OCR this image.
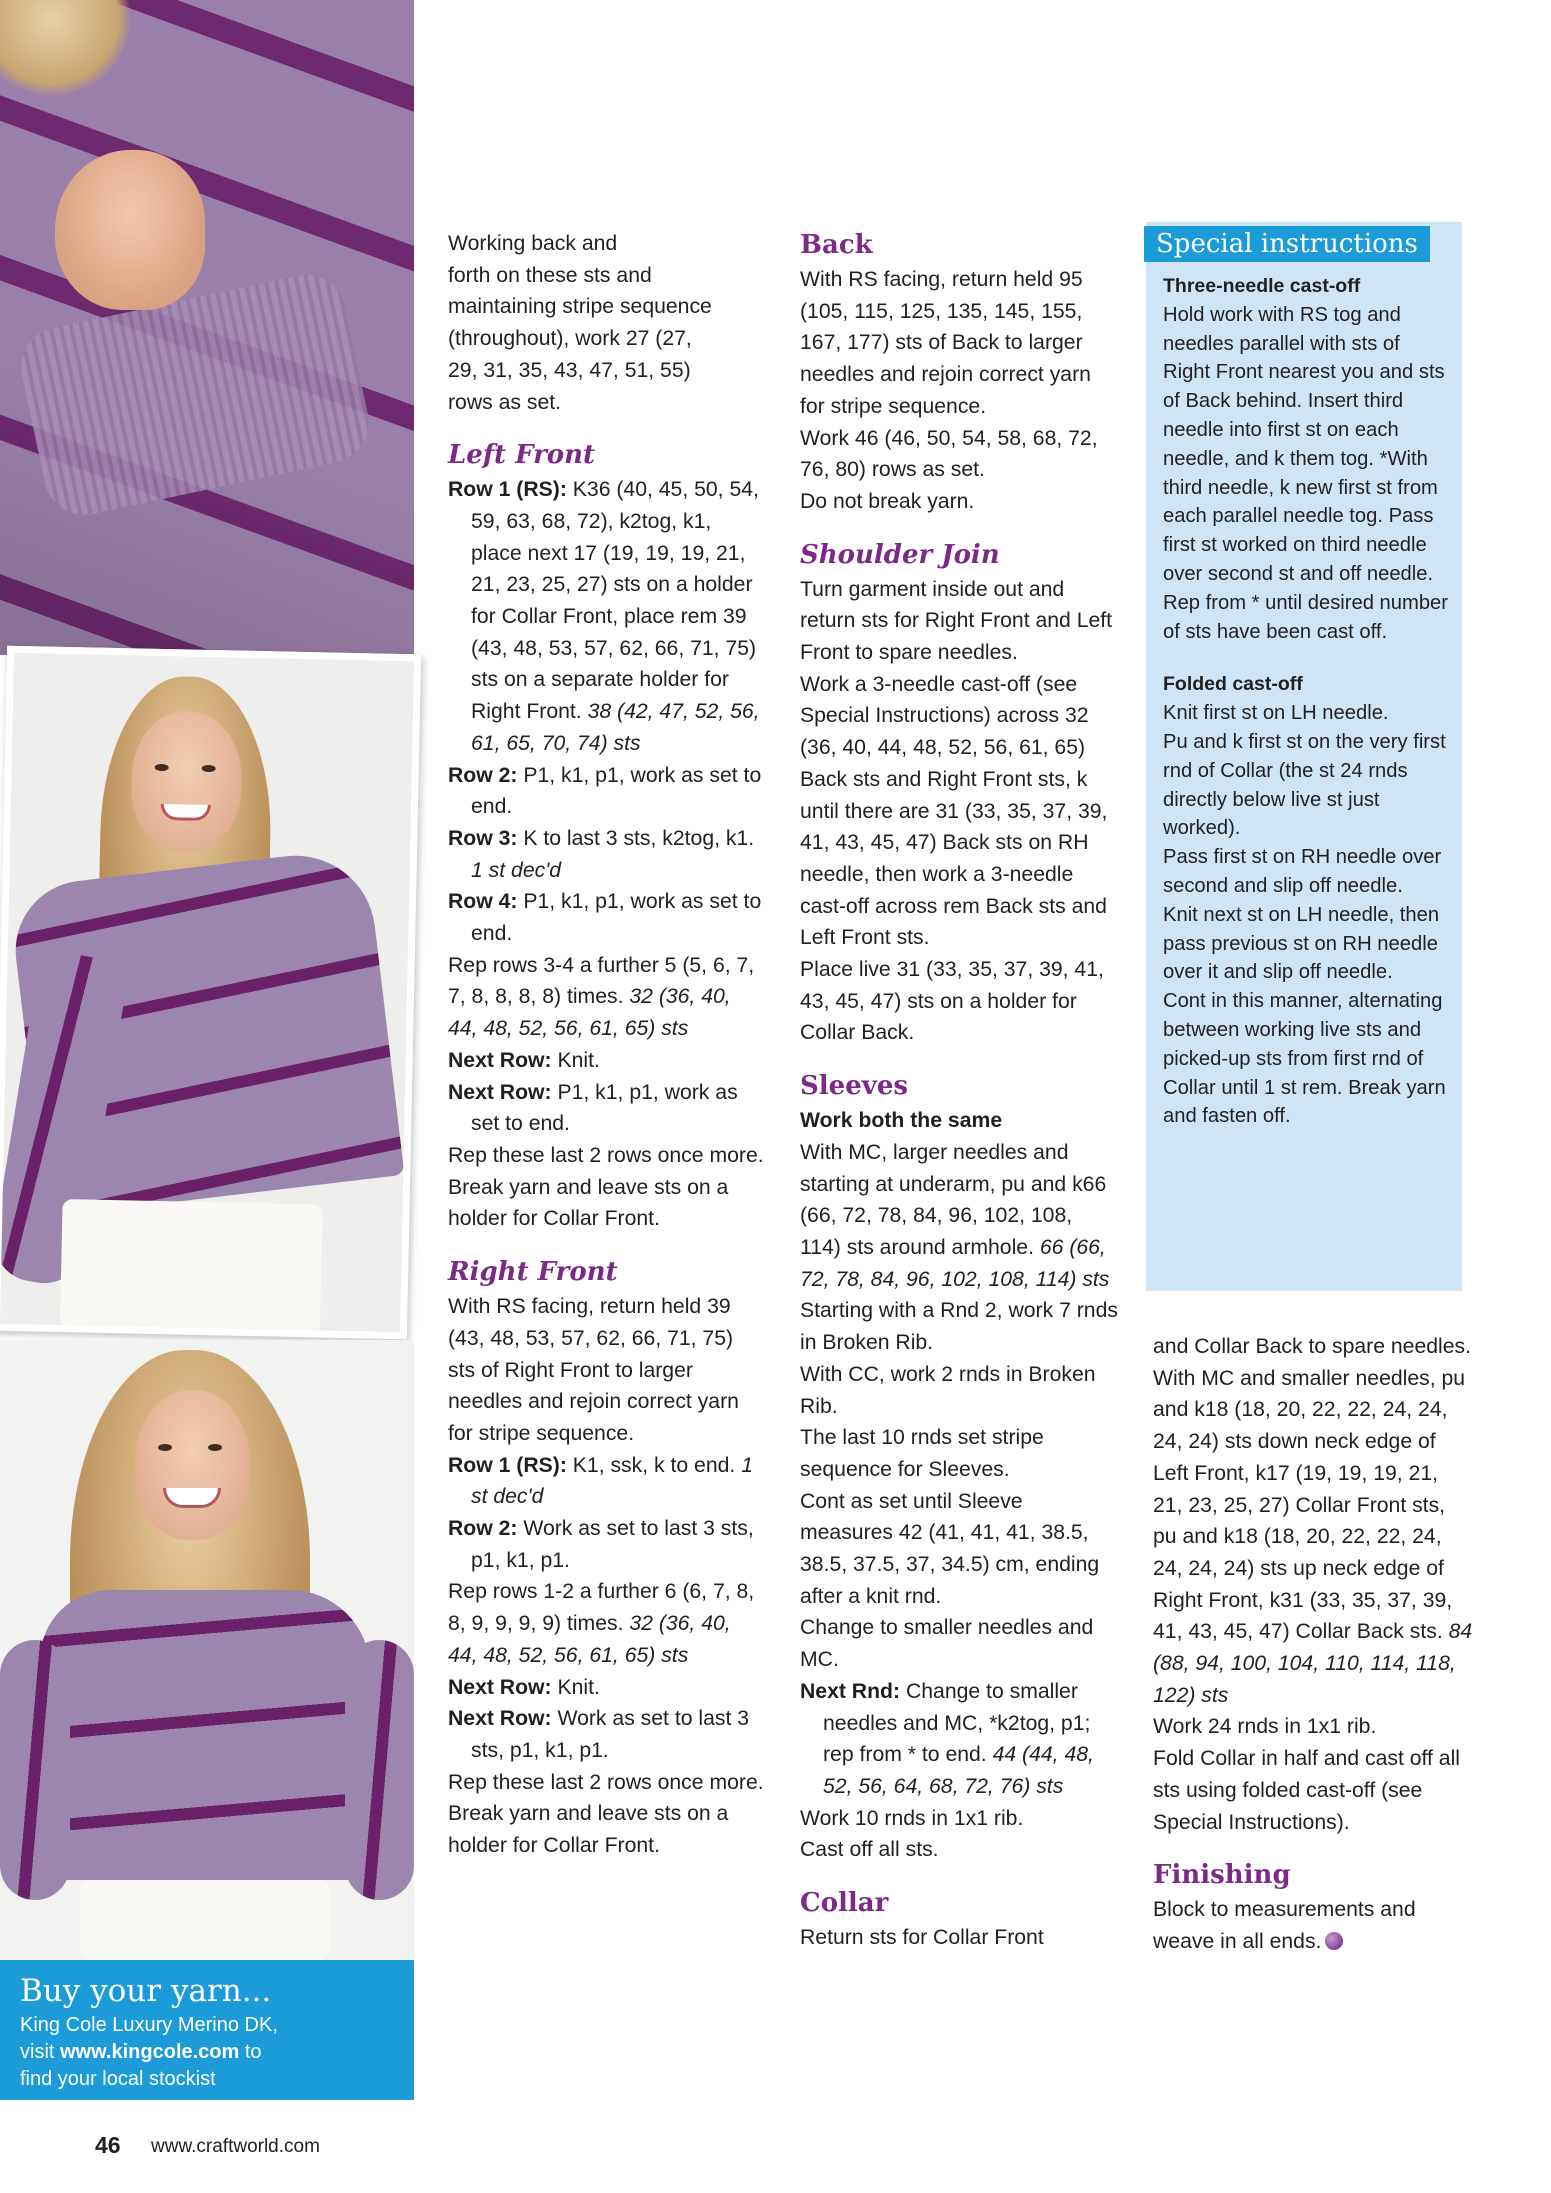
Buy your yarn...
King Cole Luxury Merino DK,
visit www.kingcole.com to
find your local stockist
46 www.craftworld.com

Working back and
forth on these sts and
maintaining stripe sequence
(throughout), work 27 (27,
29, 31, 35, 43, 47, 51, 55)
rows as set.

Left Front

Row 1 (RS): K36 (40, 45, 50, 54, 59, 63, 68, 72), k2tog, k1, place next 17 (19, 19, 19, 21, 21, 23, 25, 27) sts on a holder for Collar Front, place rem 39 (43, 48, 53, 57, 62, 66, 71, 75) sts on a separate holder for Right Front. 38 (42, 47, 52, 56, 61, 65, 70, 74) sts

Row 2: P1, k1, p1, work as set to end.

Row 3: K to last 3 sts, k2tog, k1. 1 st dec'd

Row 4: P1, k1, p1, work as set to end.

Rep rows 3-4 a further 5 (5, 6, 7, 7, 8, 8, 8, 8) times. 32 (36, 40, 44, 48, 52, 56, 61, 65) sts

Next Row: Knit.

Next Row: P1, k1, p1, work as set to end.

Rep these last 2 rows once more.

Break yarn and leave sts on a holder for Collar Front.

Right Front

With RS facing, return held 39 (43, 48, 53, 57, 62, 66, 71, 75) sts of Right Front to larger needles and rejoin correct yarn for stripe sequence.

Row 1 (RS): K1, ssk, k to end. 1 st dec'd

Row 2: Work as set to last 3 sts, p1, k1, p1.

Rep rows 1-2 a further 6 (6, 7, 8, 8, 9, 9, 9, 9) times. 32 (36, 40, 44, 48, 52, 56, 61, 65) sts

Next Row: Knit.

Next Row: Work as set to last 3 sts, p1, k1, p1.

Rep these last 2 rows once more.

Break yarn and leave sts on a holder for Collar Front.

Back

With RS facing, return held 95 (105, 115, 125, 135, 145, 155, 167, 177) sts of Back to larger needles and rejoin correct yarn for stripe sequence.

Work 46 (46, 50, 54, 58, 68, 72, 76, 80) rows as set.

Do not break yarn.

Shoulder Join

Turn garment inside out and return sts for Right Front and Left Front to spare needles.

Work a 3-needle cast-off (see Special Instructions) across 32 (36, 40, 44, 48, 52, 56, 61, 65) Back sts and Right Front sts, k until there are 31 (33, 35, 37, 39, 41, 43, 45, 47) Back sts on RH needle, then work a 3-needle cast-off across rem Back sts and Left Front sts.

Place live 31 (33, 35, 37, 39, 41, 43, 45, 47) sts on a holder for Collar Back.

Sleeves

Work both the same

With MC, larger needles and starting at underarm, pu and k66 (66, 72, 78, 84, 96, 102, 108, 114) sts around armhole. 66 (66, 72, 78, 84, 96, 102, 108, 114) sts

Starting with a Rnd 2, work 7 rnds in Broken Rib.

With CC, work 2 rnds in Broken Rib.

The last 10 rnds set stripe sequence for Sleeves.

Cont as set until Sleeve measures 42 (41, 41, 41, 38.5, 38.5, 37.5, 37, 34.5) cm, ending after a knit rnd.

Change to smaller needles and MC.

Next Rnd: Change to smaller needles and MC, *k2tog, p1; rep from * to end. 44 (44, 48, 52, 56, 64, 68, 72, 76) sts

Work 10 rnds in 1x1 rib.

Cast off all sts.

Collar

Return sts for Collar Front

Special instructions

Three-needle cast-off

Hold work with RS tog and needles parallel with sts of Right Front nearest you and sts of Back behind. Insert third needle into first st on each needle, and k them tog. *With third needle, k new first st from each parallel needle tog. Pass first st worked on third needle over second st and off needle. Rep from * until desired number of sts have been cast off.

Folded cast-off

Knit first st on LH needle.

Pu and k first st on the very first rnd of Collar (the st 24 rnds directly below live st just worked).

Pass first st on RH needle over second and slip off needle.

Knit next st on LH needle, then pass previous st on RH needle over it and slip off needle.

Cont in this manner, alternating between working live sts and picked-up sts from first rnd of Collar until 1 st rem. Break yarn and fasten off.

and Collar Back to spare needles.

With MC and smaller needles, pu and k18 (18, 20, 22, 22, 24, 24, 24, 24) sts down neck edge of Left Front, k17 (19, 19, 19, 21, 21, 23, 25, 27) Collar Front sts, pu and k18 (18, 20, 22, 22, 24, 24, 24, 24) sts up neck edge of Right Front, k31 (33, 35, 37, 39, 41, 43, 45, 47) Collar Back sts. 84 (88, 94, 100, 104, 110, 114, 118, 122) sts

Work 24 rnds in 1x1 rib.

Fold Collar in half and cast off all sts using folded cast-off (see Special Instructions).

Finishing

Block to measurements and weave in all ends.
